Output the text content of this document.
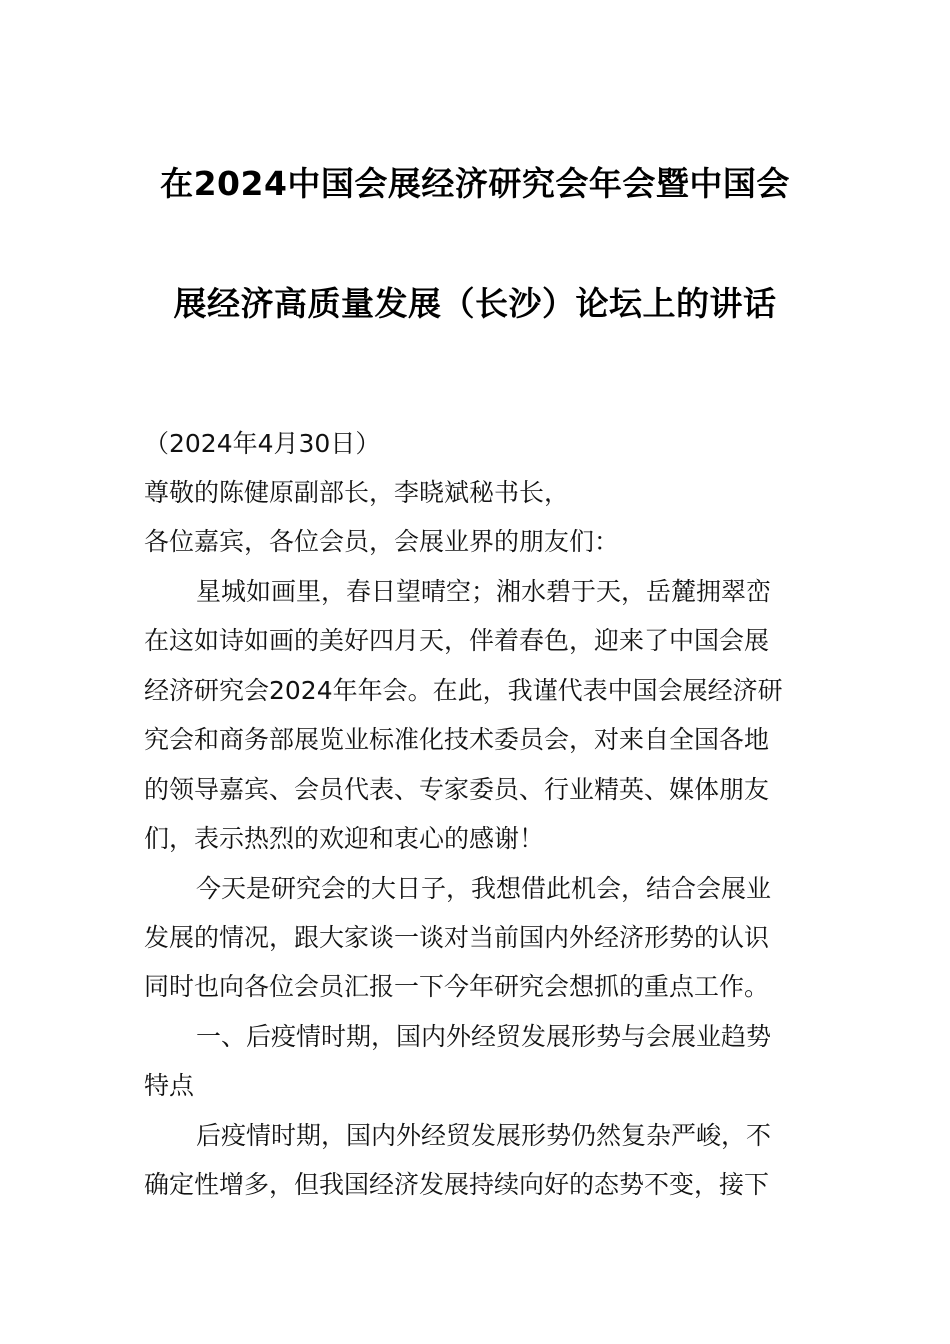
在2024中国会展经济研究会年会暨中国会
展经济高质量发展（长沙）论坛上的讲话
（2024年4月30日）
尊敬的陈健原副部长，李晓斌秘书长，
各位嘉宾，各位会员，会展业界的朋友们：
星城如画里，春日望晴空；湘水碧于天，岳麓拥翠峦
在这如诗如画的美好四月天，伴着春色，迎来了中国会展
经济研究会2024年年会。在此，我谨代表中国会展经济研
究会和商务部展览业标准化技术委员会，对来自全国各地
的领导嘉宾、会员代表、专家委员、行业精英、媒体朋友
们，表示热烈的欢迎和衷心的感谢！
今天是研究会的大日子，我想借此机会，结合会展业
发展的情况，跟大家谈一谈对当前国内外经济形势的认识
同时也向各位会员汇报一下今年研究会想抓的重点工作。
一、后疫情时期，国内外经贸发展形势与会展业趋势
特点
后疫情时期，国内外经贸发展形势仍然复杂严峻，不
确定性增多，但我国经济发展持续向好的态势不变，接下
